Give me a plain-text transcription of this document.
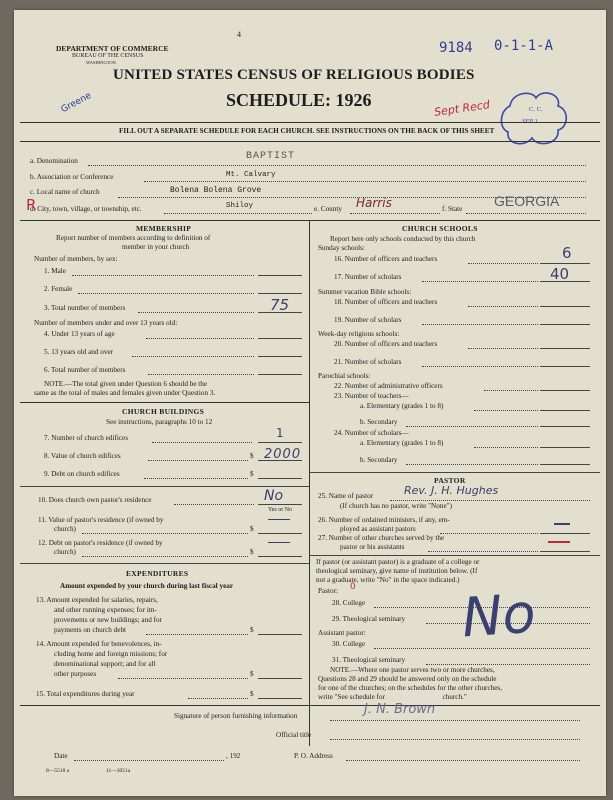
DEPARTMENT OF COMMERCE
BUREAU OF THE CENSUS
WASHINGTON
4
UNITED STATES CENSUS OF RELIGIOUS BODIES
SCHEDULE: 1926
9184 0-1-1-A
Greene	Sept Recd	C. C.
SEP 1
FILL OUT A SEPARATE SCHEDULE FOR EACH CHURCH. SEE INSTRUCTIONS ON THE BACK OF THIS SHEET
a. Denomination	BAPTIST
b. Association or Conference	Mt. Calvary
c. Local name of church	Bolena Bolena Grove
d. City, town, village, or township, etc.	Shiloy	e. County Harris	f. State GEORGIA
R
MEMBERSHIP
Report number of members according to definition of
member in your church
Number of members, by sex:
1. Male
2. Female
3. Total number of members	75
Number of members under and over 13 years old:
4. Under 13 years of age
5. 13 years old and over
6. Total number of members
NOTE.—The total given under Question 6 should be the
same as the total of males and females given under Question 3.
CHURCH BUILDINGS
See instructions, paragraphs 10 to 12
7. Number of church edifices	1
8. Value of church edifices	$ 2000
9. Debt on church edifices	$
10. Does church own pastor's residence	No
Yes or No
11. Value of pastor's residence (if owned by
church)	$
12. Debt on pastor's residence (if owned by
church)	$
EXPENDITURES
Amount expended by your church during last fiscal year
13. Amount expended for salaries, repairs,
and other running expenses; for im-
provements or new buildings; and for
payments on church debt	$
14. Amount expended for benevolences, in-
cluding home and foreign missions; for
denominational support; and for all
other purposes	$
15. Total expenditures during year	$
CHURCH SCHOOLS
Report here only schools conducted by this church
Sunday schools:
16. Number of officers and teachers	6
17. Number of scholars	40
Summer vacation Bible schools:
18. Number of officers and teachers
19. Number of scholars
Week-day religious schools:
20. Number of officers and teachers
21. Number of scholars
Parochial schools:
22. Number of administrative officers
23. Number of teachers—
a. Elementary (grades 1 to 8)
b. Secondary
24. Number of scholars—
a. Elementary (grades 1 to 8)
b. Secondary
PASTOR
25. Name of pastor	Rev. J. H. Hughes
(If church has no pastor, write "None")
26. Number of ordained ministers, if any, em-
ployed as assistant pastors
27. Number of other churches served by the
pastor or his assistants
If pastor (or assistant pastor) is a graduate of a college or
theological seminary, give name of institution below. (If
not a graduate, write "No" in the space indicated.)
Pastor: 0
28. College
29. Theological seminary
Assistant pastor:
30. College
31. Theological seminary
No
NOTE.—Where one pastor serves two or more churches,
Questions 28 and 29 should be answered only on the schedule
for one of the churches; on the schedules for the other churches,
write "See schedule for                                church."
Signature of person furnishing information	J. N. Brown
Official title
Date	, 192	P. O. Address
8—5518 a	11—3051a
